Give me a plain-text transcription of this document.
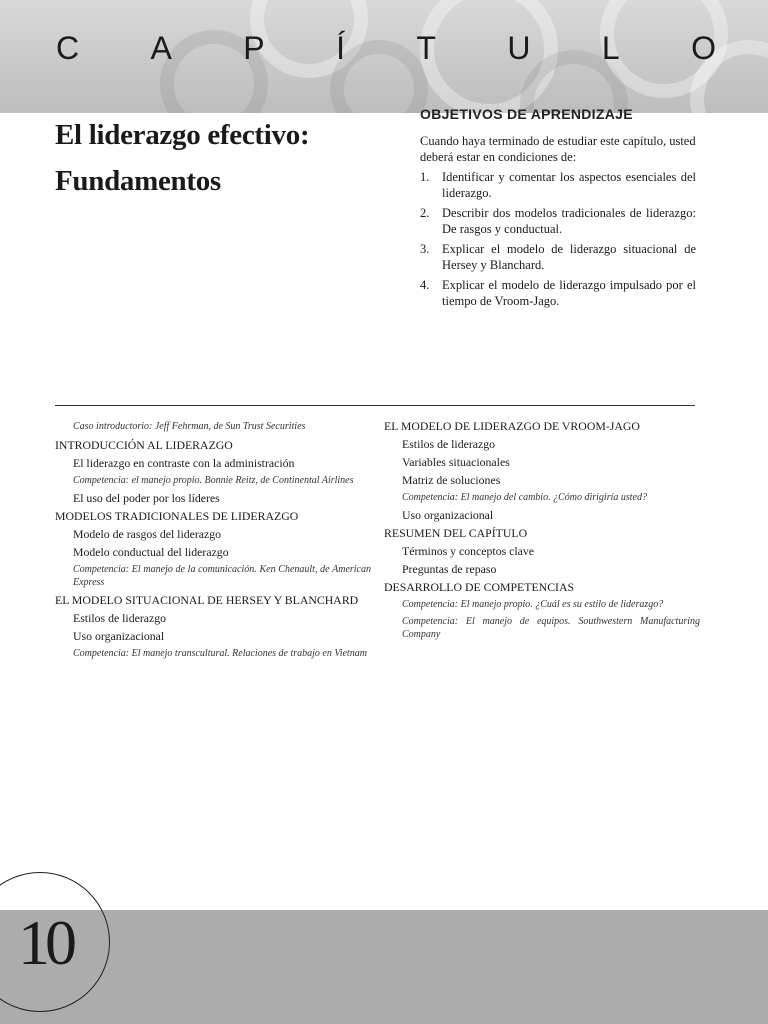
C A P Í T U L O
El liderazgo efectivo:
Fundamentos
OBJETIVOS DE APRENDIZAJE
Cuando haya terminado de estudiar este capítulo, usted deberá estar en condiciones de:
1.	Identificar y comentar los aspectos esenciales del liderazgo.
2.	Describir dos modelos tradicionales de liderazgo: De rasgos y conductual.
3.	Explicar el modelo de liderazgo situacional de Hersey y Blanchard.
4.	Explicar el modelo de liderazgo impulsado por el tiempo de Vroom-Jago.
Caso introductorio: Jeff Fehrman, de Sun Trust Securities
INTRODUCCIÓN AL LIDERAZGO
El liderazgo en contraste con la administración
Competencia: el manejo propio. Bonnie Reitz, de Continental Airlines
El uso del poder por los líderes
MODELOS TRADICIONALES DE LIDERAZGO
Modelo de rasgos del liderazgo
Modelo conductual del liderazgo
Competencia: El manejo de la comunicación. Ken Chenault, de American Express
EL MODELO SITUACIONAL DE HERSEY Y BLANCHARD
Estilos de liderazgo
Uso organizacional
Competencia: El manejo transcultural. Relaciones de trabajo en Vietnam
EL MODELO DE LIDERAZGO DE VROOM-JAGO
Estilos de liderazgo
Variables situacionales
Matriz de soluciones
Competencia: El manejo del cambio. ¿Cómo dirigiría usted?
Uso organizacional
RESUMEN DEL CAPÍTULO
Términos y conceptos clave
Preguntas de repaso
DESARROLLO DE COMPETENCIAS
Competencia: El manejo propio. ¿Cuál es su estilo de liderazgo?
Competencia: El manejo de equipos. Southwestern Manufacturing Company
10
